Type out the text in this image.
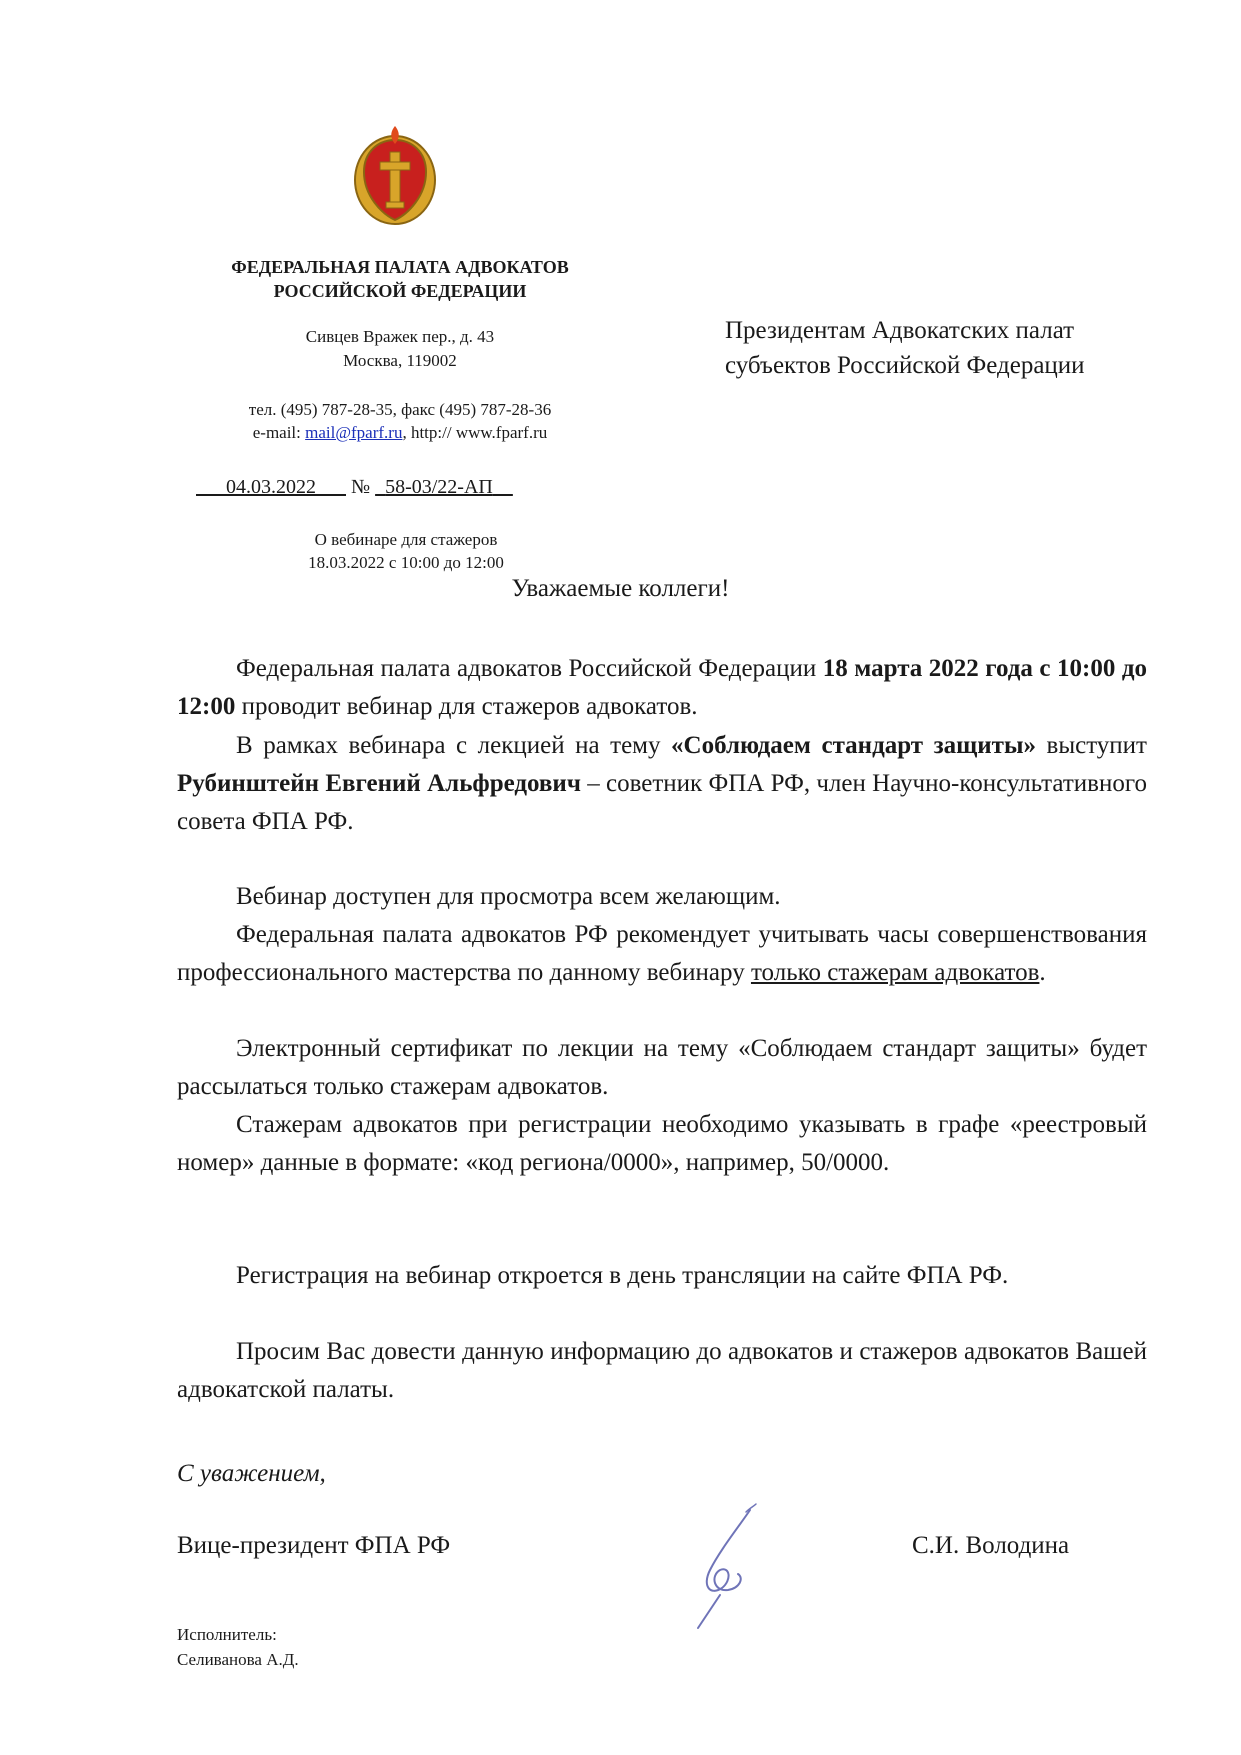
ФЕДЕРАЛЬНАЯ ПАЛАТА АДВОКАТОВ
РОССИЙСКОЙ ФЕДЕРАЦИИ
Сивцев Вражек пер., д. 43
Москва, 119002
тел. (495) 787-28-35, факс (495) 787-28-36
e-mail: mail@fparf.ru, http:// www.fparf.ru
04.03.2022 № 58-03/22-АП
О вебинаре для стажеров
18.03.2022 с 10:00 до 12:00
Президентам Адвокатских палат
субъектов Российской Федерации
Уважаемые коллеги!
Федеральная палата адвокатов Российской Федерации 18 марта 2022 года с 10:00 до 12:00 проводит вебинар для стажеров адвокатов.
В рамках вебинара с лекцией на тему «Соблюдаем стандарт защиты» выступит Рубинштейн Евгений Альфредович – советник ФПА РФ, член Научно-консультативного совета ФПА РФ.
Вебинар доступен для просмотра всем желающим.
Федеральная палата адвокатов РФ рекомендует учитывать часы совершенствования профессионального мастерства по данному вебинару только стажерам адвокатов.
Электронный сертификат по лекции на тему «Соблюдаем стандарт защиты» будет рассылаться только стажерам адвокатов.
Стажерам адвокатов при регистрации необходимо указывать в графе «реестровый номер» данные в формате: «код региона/0000», например, 50/0000.
Регистрация на вебинар откроется в день трансляции на сайте ФПА РФ.
Просим Вас довести данную информацию до адвокатов и стажеров адвокатов Вашей адвокатской палаты.
С уважением,
Вице-президент ФПА РФ	С.И. Володина
Исполнитель:
Селиванова А.Д.
